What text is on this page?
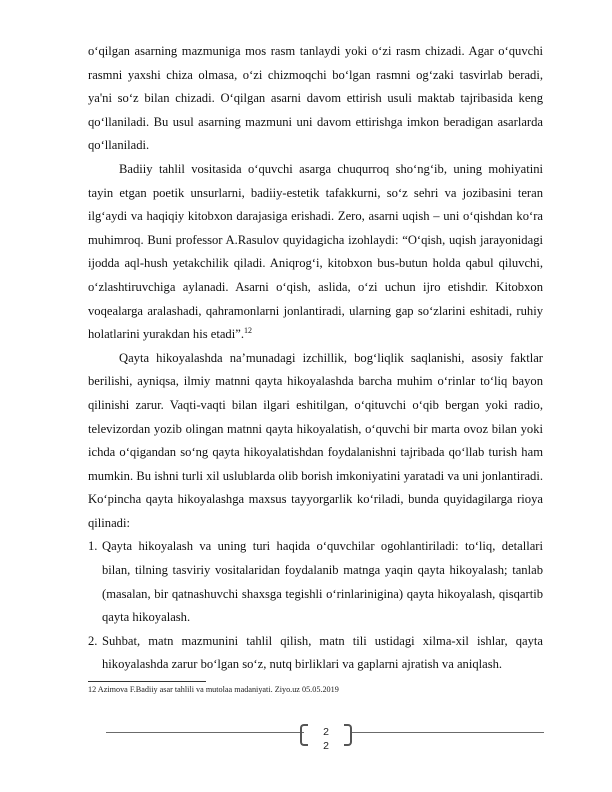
o‘qilgan asarning mazmuniga mos rasm tanlaydi yoki o‘zi rasm chizadi. Agar o‘quvchi rasmni yaxshi chiza olmasa, o‘zi chizmoqchi bo‘lgan rasmni og‘zaki tasvirlab beradi, ya'ni so‘z bilan chizadi. O‘qilgan asarni davom ettirish usuli maktab tajribasida keng qo‘llaniladi. Bu usul asarning mazmuni uni davom ettirishga imkon beradigan asarlarda qo‘llaniladi.

Badiiy tahlil vositasida o‘quvchi asarga chuqurroq sho‘ng‘ib, uning mohiyatini tayin etgan poetik unsurlarni, badiiy-estetik tafakkurni, so‘z sehri va jozibasini teran ilg‘aydi va haqiqiy kitobxon darajasiga erishadi. Zero, asarni uqish – uni o‘qishdan ko‘ra muhimroq. Buni professor A.Rasulov quyidagicha izohlaydi: “O‘qish, uqish jarayonidagi ijodda aql-hush yetakchilik qiladi. Aniqrog‘i, kitobxon bus-butun holda qabul qiluvchi, o‘zlashtiruvchiga aylanadi. Asarni o‘qish, aslida, o‘zi uchun ijro etishdir. Kitobxon voqealarga aralashadi, qahramonlarni jonlantiradi, ularning gap so‘zlarini eshitadi, ruhiy holatlarini yurakdan his etadi”.$^{12}$

Qayta hikoyalashda na’munadagi izchillik, bog‘liqlik saqlanishi, asosiy faktlar berilishi, ayniqsa, ilmiy matnni qayta hikoyalashda barcha muhim o‘rinlar to‘liq bayon qilinishi zarur. Vaqti-vaqti bilan ilgari eshitilgan, o‘qituvchi o‘qib bergan yoki radio, televizordan yozib olingan matnni qayta hikoyalatish, o‘quvchi bir marta ovoz bilan yoki ichda o‘qigandan so‘ng qayta hikoyalatishdan foydalanishni tajribada qo‘llab turish ham mumkin. Bu ishni turli xil uslublarda olib borish imkoniyatini yaratadi va uni jonlantiradi. Ko‘pincha qayta hikoyalashga maxsus tayyorgarlik ko‘riladi, bunda quyidagilarga rioya qilinadi:

1. Qayta hikoyalash va uning turi haqida o‘quvchilar ogohlantiriladi: to‘liq, detallari bilan, tilning tasviriy vositalaridan foydalanib matnga yaqin qayta hikoyalash; tanlab (masalan, bir qatnashuvchi shaxsga tegishli o‘rinlarinigina) qayta hikoyalash, qisqartib qayta hikoyalash.
2. Suhbat, matn mazmunini tahlil qilish, matn tili ustidagi xilma-xil ishlar, qayta hikoyalashda zarur bo‘lgan so‘z, nutq birliklari va gaplarni ajratish va aniqlash.

12 Azimova F.Badiiy asar tahlili va mutolaa madaniyati. Ziyo.uz 05.05.2019

2
2
